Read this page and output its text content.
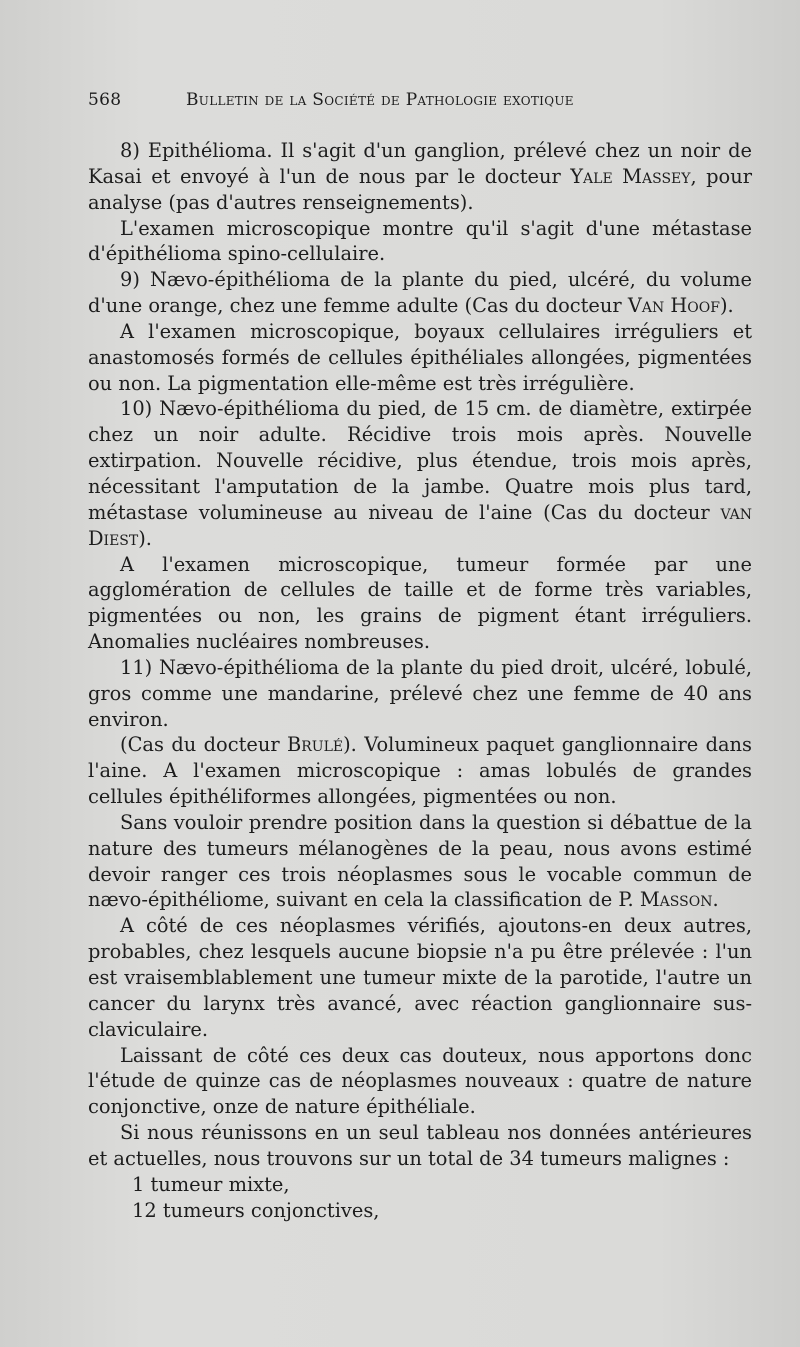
568	Bulletin de la Société de Pathologie exotique

8) Epithélioma. Il s'agit d'un ganglion, prélevé chez un noir de Kasai et envoyé à l'un de nous par le docteur Yale Massey, pour analyse (pas d'autres renseignements).

L'examen microscopique montre qu'il s'agit d'une métastase d'épithélioma spino-cellulaire.

9) Nævo-épithélioma de la plante du pied, ulcéré, du volume d'une orange, chez une femme adulte (Cas du docteur Van Hoof).

A l'examen microscopique, boyaux cellulaires irréguliers et anastomosés formés de cellules épithéliales allongées, pigmentées ou non. La pigmentation elle-même est très irrégulière.

10) Nævo-épithélioma du pied, de 15 cm. de diamètre, extirpée chez un noir adulte. Récidive trois mois après. Nouvelle extirpation. Nouvelle récidive, plus étendue, trois mois après, nécessitant l'amputation de la jambe. Quatre mois plus tard, métastase volumineuse au niveau de l'aine (Cas du docteur van Diest).

A l'examen microscopique, tumeur formée par une agglomération de cellules de taille et de forme très variables, pigmentées ou non, les grains de pigment étant irréguliers. Anomalies nucléaires nombreuses.

11) Nævo-épithélioma de la plante du pied droit, ulcéré, lobulé, gros comme une mandarine, prélevé chez une femme de 40 ans environ.

(Cas du docteur Brulé). Volumineux paquet ganglionnaire dans l'aine. A l'examen microscopique : amas lobulés de grandes cellules épithéliformes allongées, pigmentées ou non.

Sans vouloir prendre position dans la question si débattue de la nature des tumeurs mélanogènes de la peau, nous avons estimé devoir ranger ces trois néoplasmes sous le vocable commun de nævo-épithéliome, suivant en cela la classification de P. Masson.

A côté de ces néoplasmes vérifiés, ajoutons-en deux autres, probables, chez lesquels aucune biopsie n'a pu être prélevée : l'un est vraisemblablement une tumeur mixte de la parotide, l'autre un cancer du larynx très avancé, avec réaction ganglionnaire sus-claviculaire.

Laissant de côté ces deux cas douteux, nous apportons donc l'étude de quinze cas de néoplasmes nouveaux : quatre de nature conjonctive, onze de nature épithéliale.

Si nous réunissons en un seul tableau nos données antérieures et actuelles, nous trouvons sur un total de 34 tumeurs malignes :

1 tumeur mixte,
12 tumeurs conjonctives,
